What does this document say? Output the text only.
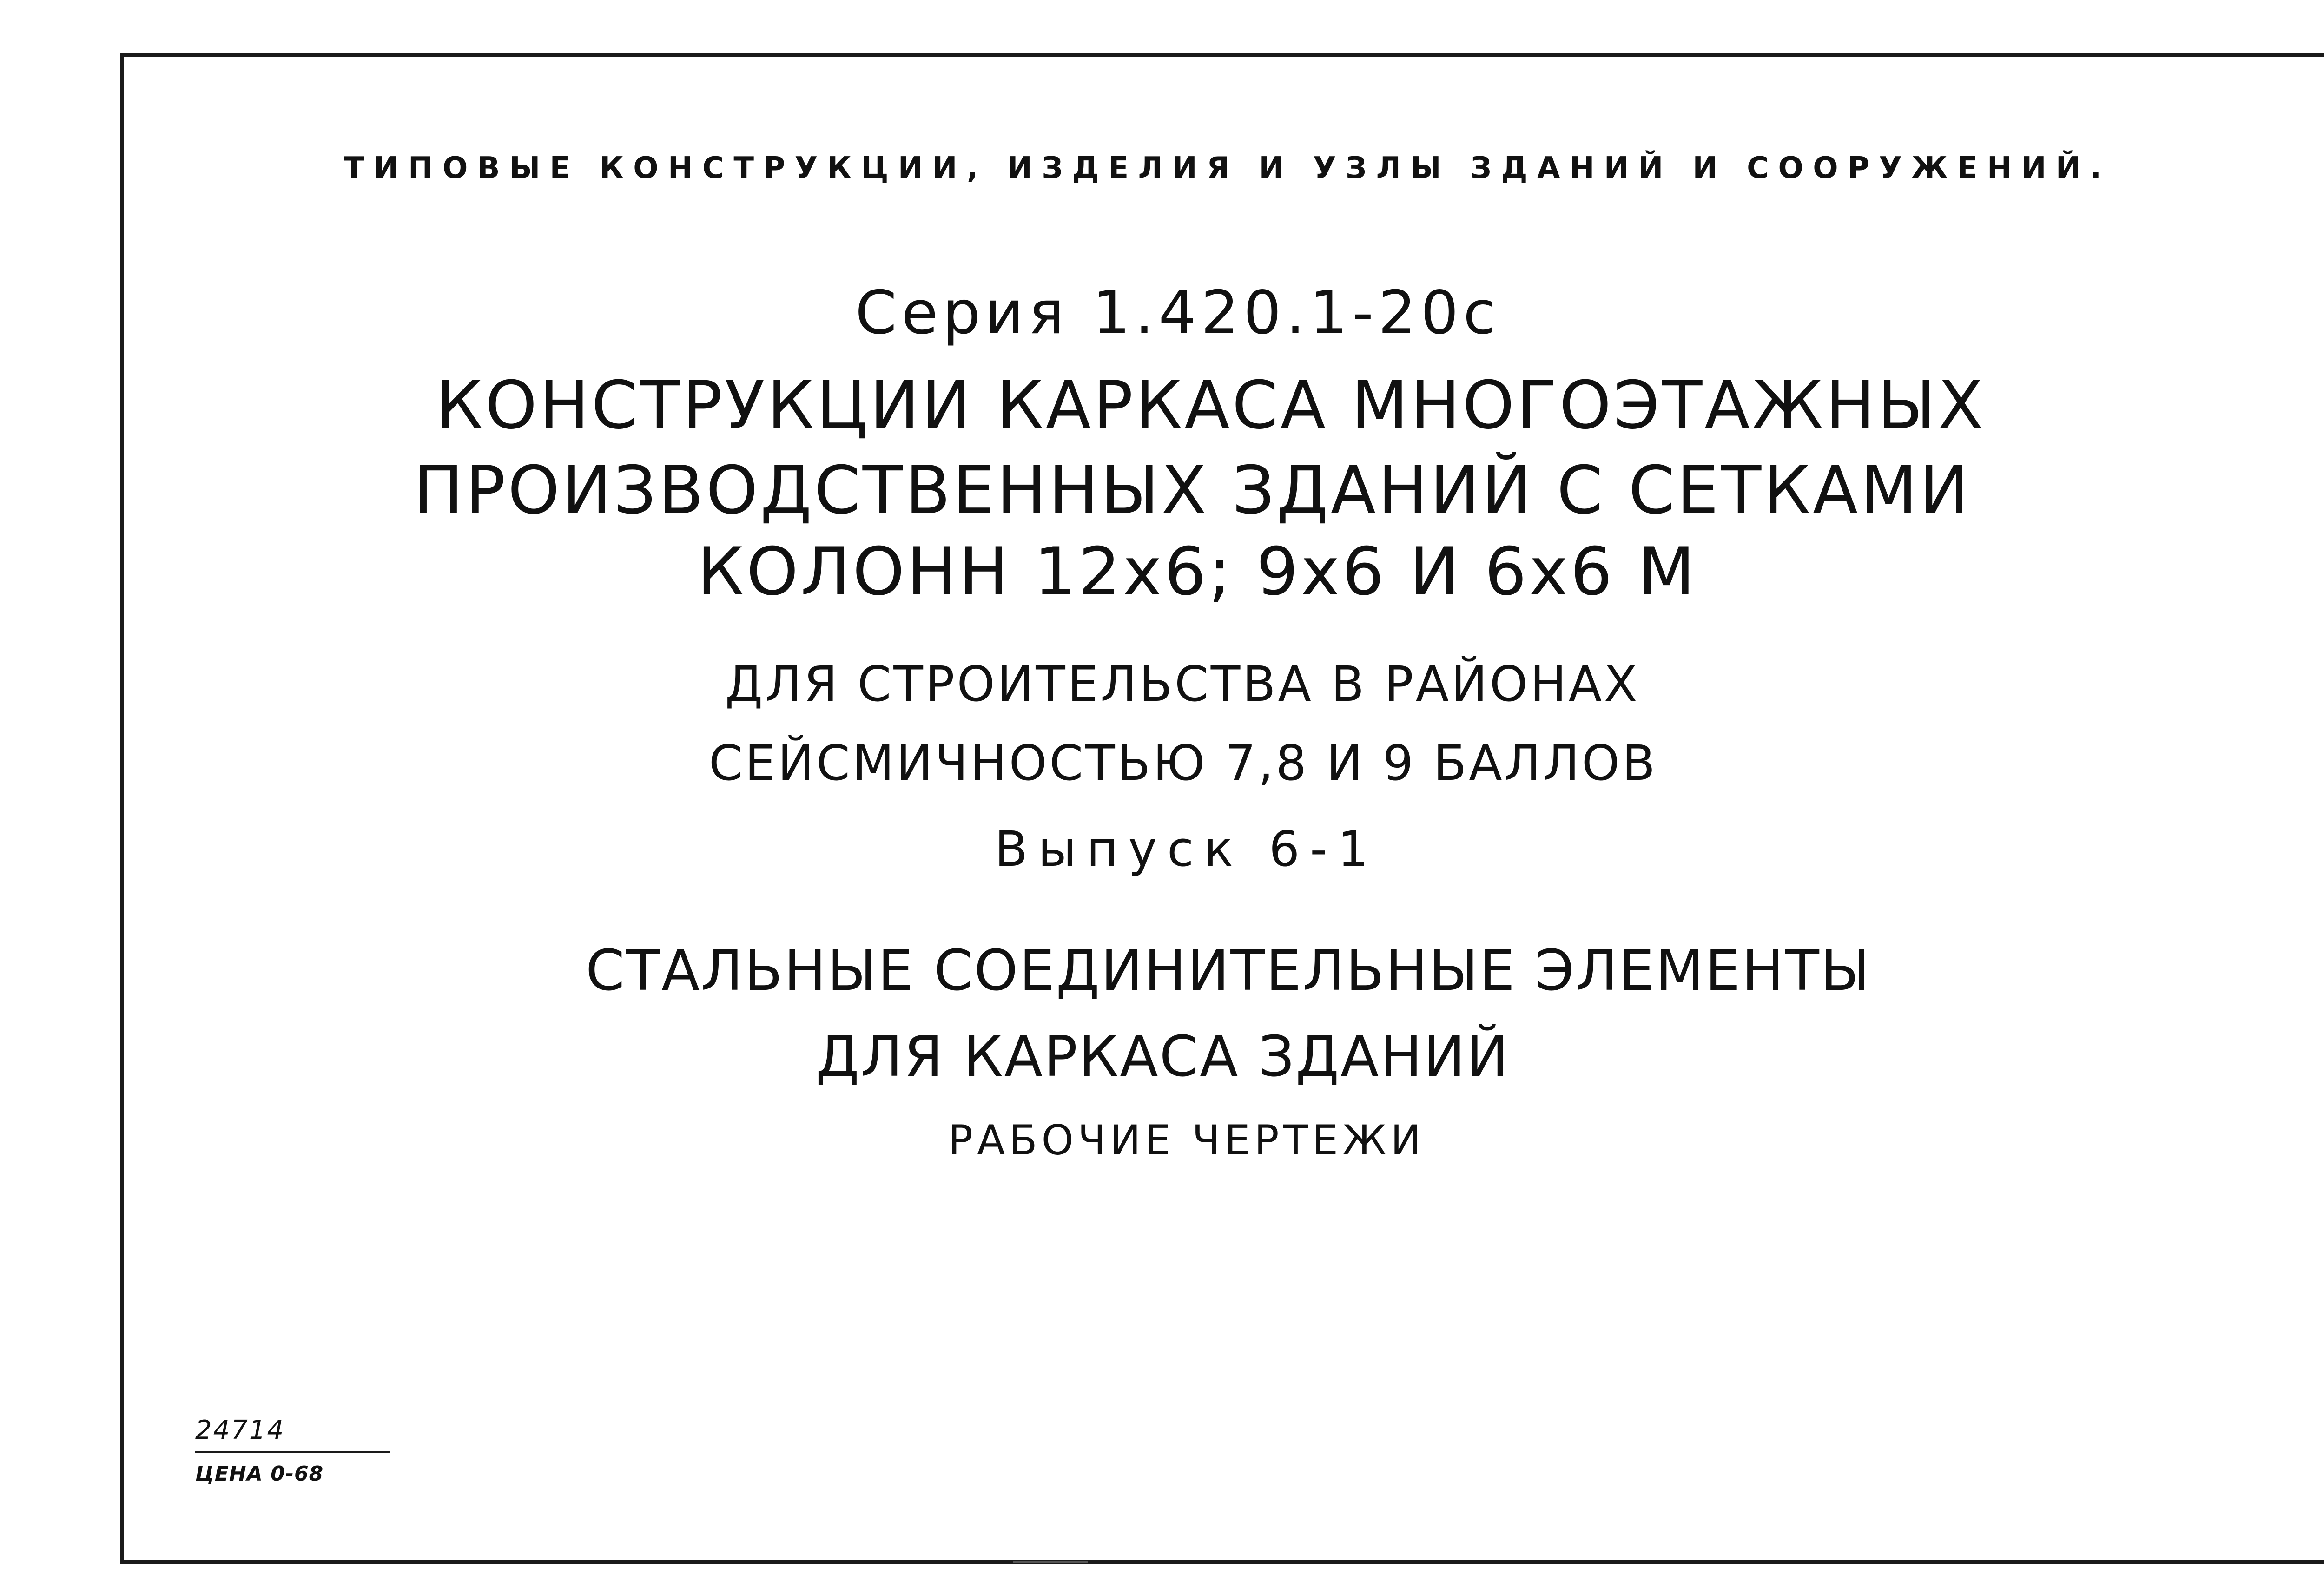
ТИПОВЫЕ КОНСТРУКЦИИ, ИЗДЕЛИЯ И УЗЛЫ ЗДАНИЙ И СООРУЖЕНИЙ.
Серия 1.420.1-20с
КОНСТРУКЦИИ КАРКАСА МНОГОЭТАЖНЫХ
ПРОИЗВОДСТВЕННЫХ ЗДАНИЙ С СЕТКАМИ
КОЛОНН 12х6; 9х6 И 6х6 М
ДЛЯ СТРОИТЕЛЬСТВА В РАЙОНАХ
СЕЙСМИЧНОСТЬЮ 7,8 И 9 БАЛЛОВ
Выпуск 6-1
СТАЛЬНЫЕ СОЕДИНИТЕЛЬНЫЕ ЭЛЕМЕНТЫ
ДЛЯ КАРКАСА ЗДАНИЙ
РАБОЧИЕ ЧЕРТЕЖИ
24714
ЦЕНА 0-68
